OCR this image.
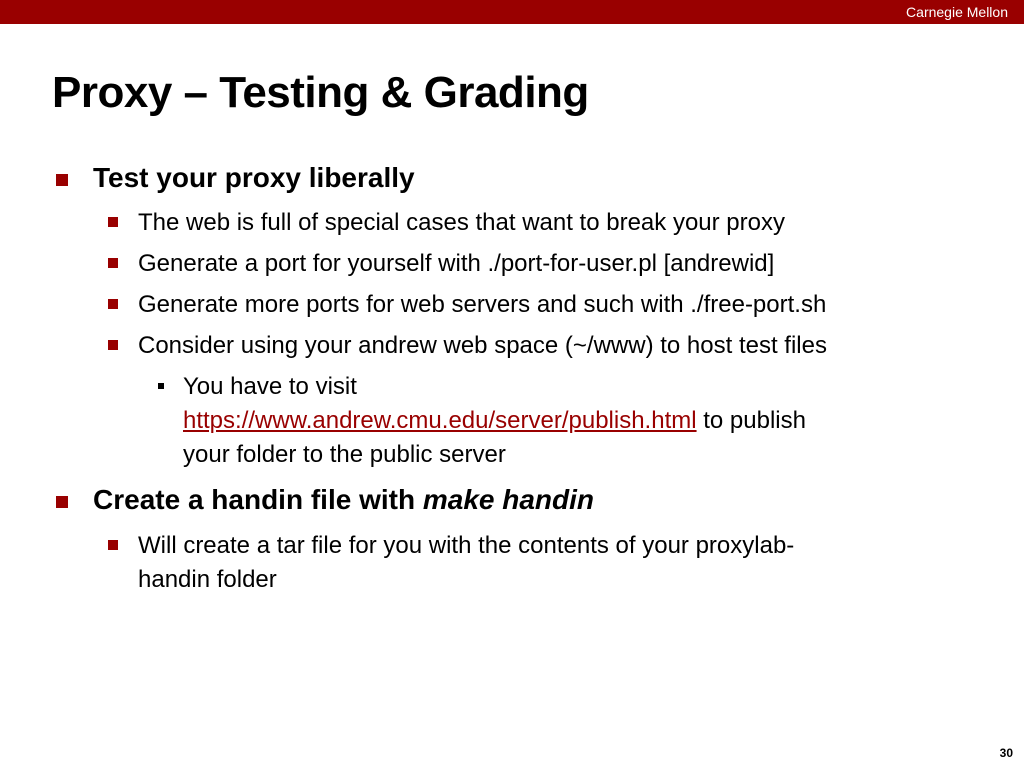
Carnegie Mellon
Proxy – Testing & Grading
Test your proxy liberally
The web is full of special cases that want to break your proxy
Generate a port for yourself with ./port-for-user.pl [andrewid]
Generate more ports for web servers and such with ./free-port.sh
Consider using your andrew web space (~/www) to host test files
You have to visit
https://www.andrew.cmu.edu/server/publish.html to publish
your folder to the public server
Create a handin file with make handin
Will create a tar file for you with the contents of your proxylab-
handin folder
30
